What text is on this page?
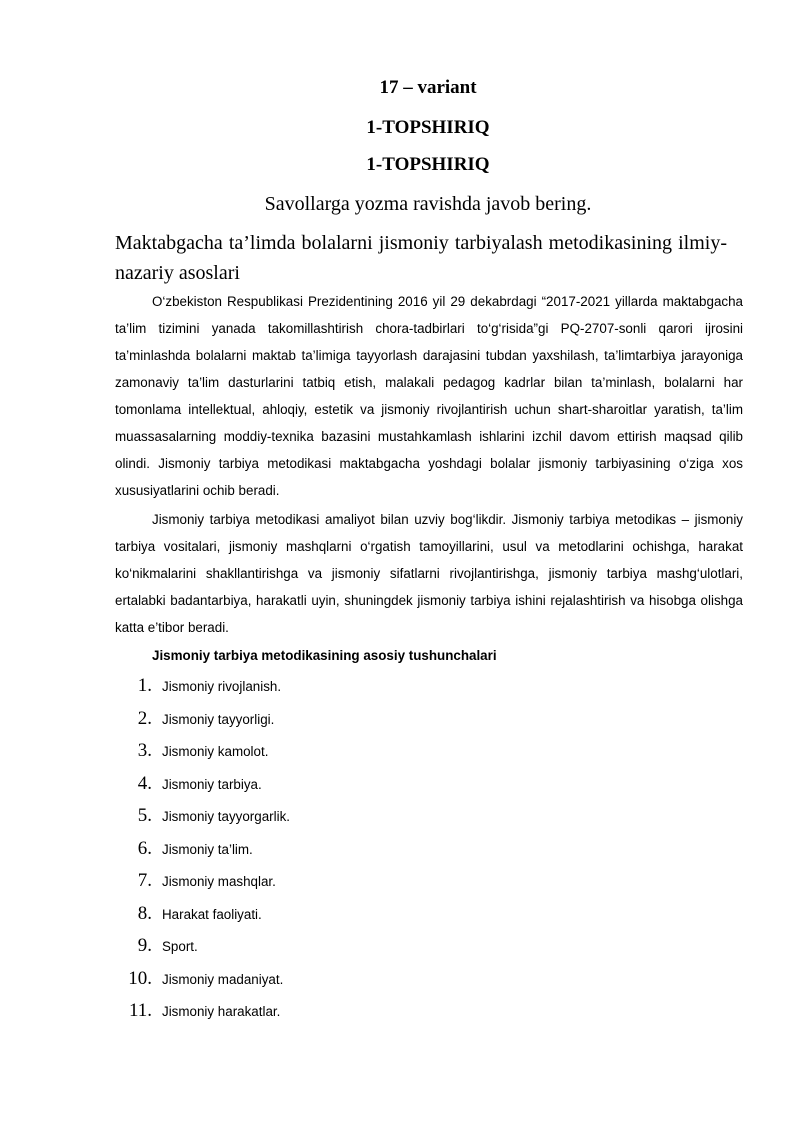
17 – variant
1-TOPSHIRIQ
1-TOPSHIRIQ
Savollarga yozma ravishda javob bering.
Maktabgacha ta’limda bolalarni jismoniy tarbiyalash metodikasining ilmiy-nazariy asoslari

O‘zbekiston Respublikasi Prezidentining 2016 yil 29 dekabrdagi “2017-2021 yillarda maktabgacha ta’lim tizimini yanada takomillashtirish chora-tadbirlari to‘g‘risida”gi PQ-2707-sonli qarori ijrosini ta’minlashda bolalarni maktab ta’limiga tayyorlash darajasini tubdan yaxshilash, ta’limtarbiya jarayoniga zamonaviy ta’lim dasturlarini tatbiq etish, malakali pedagog kadrlar bilan ta’minlash, bolalarni har tomonlama intellektual, ahloqiy, estetik va jismoniy rivojlantirish uchun shart-sharoitlar yaratish, ta’lim muassasalarning moddiy-texnika bazasini mustahkamlash ishlarini izchil davom ettirish maqsad qilib olindi. Jismoniy tarbiya metodikasi maktabgacha yoshdagi bolalar jismoniy tarbiyasining o‘ziga xos xususiyatlarini ochib beradi.

Jismoniy tarbiya metodikasi amaliyot bilan uzviy bog‘likdir. Jismoniy tarbiya metodikas – jismoniy tarbiya vositalari, jismoniy mashqlarni o‘rgatish tamoyillarini, usul va metodlarini ochishga, harakat ko‘nikmalarini shakllantirishga va jismoniy sifatlarni rivojlantirishga, jismoniy tarbiya mashg‘ulotlari, ertalabki badantarbiya, harakatli uyin, shuningdek jismoniy tarbiya ishini rejalashtirish va hisobga olishga katta e’tibor beradi.

Jismoniy tarbiya metodikasining asosiy tushunchalari
1. Jismoniy rivojlanish.
2. Jismoniy tayyorligi.
3. Jismoniy kamolot.
4. Jismoniy tarbiya.
5. Jismoniy tayyorgarlik.
6. Jismoniy ta’lim.
7. Jismoniy mashqlar.
8. Harakat faoliyati.
9. Sport.
10. Jismoniy madaniyat.
11. Jismoniy harakatlar.
